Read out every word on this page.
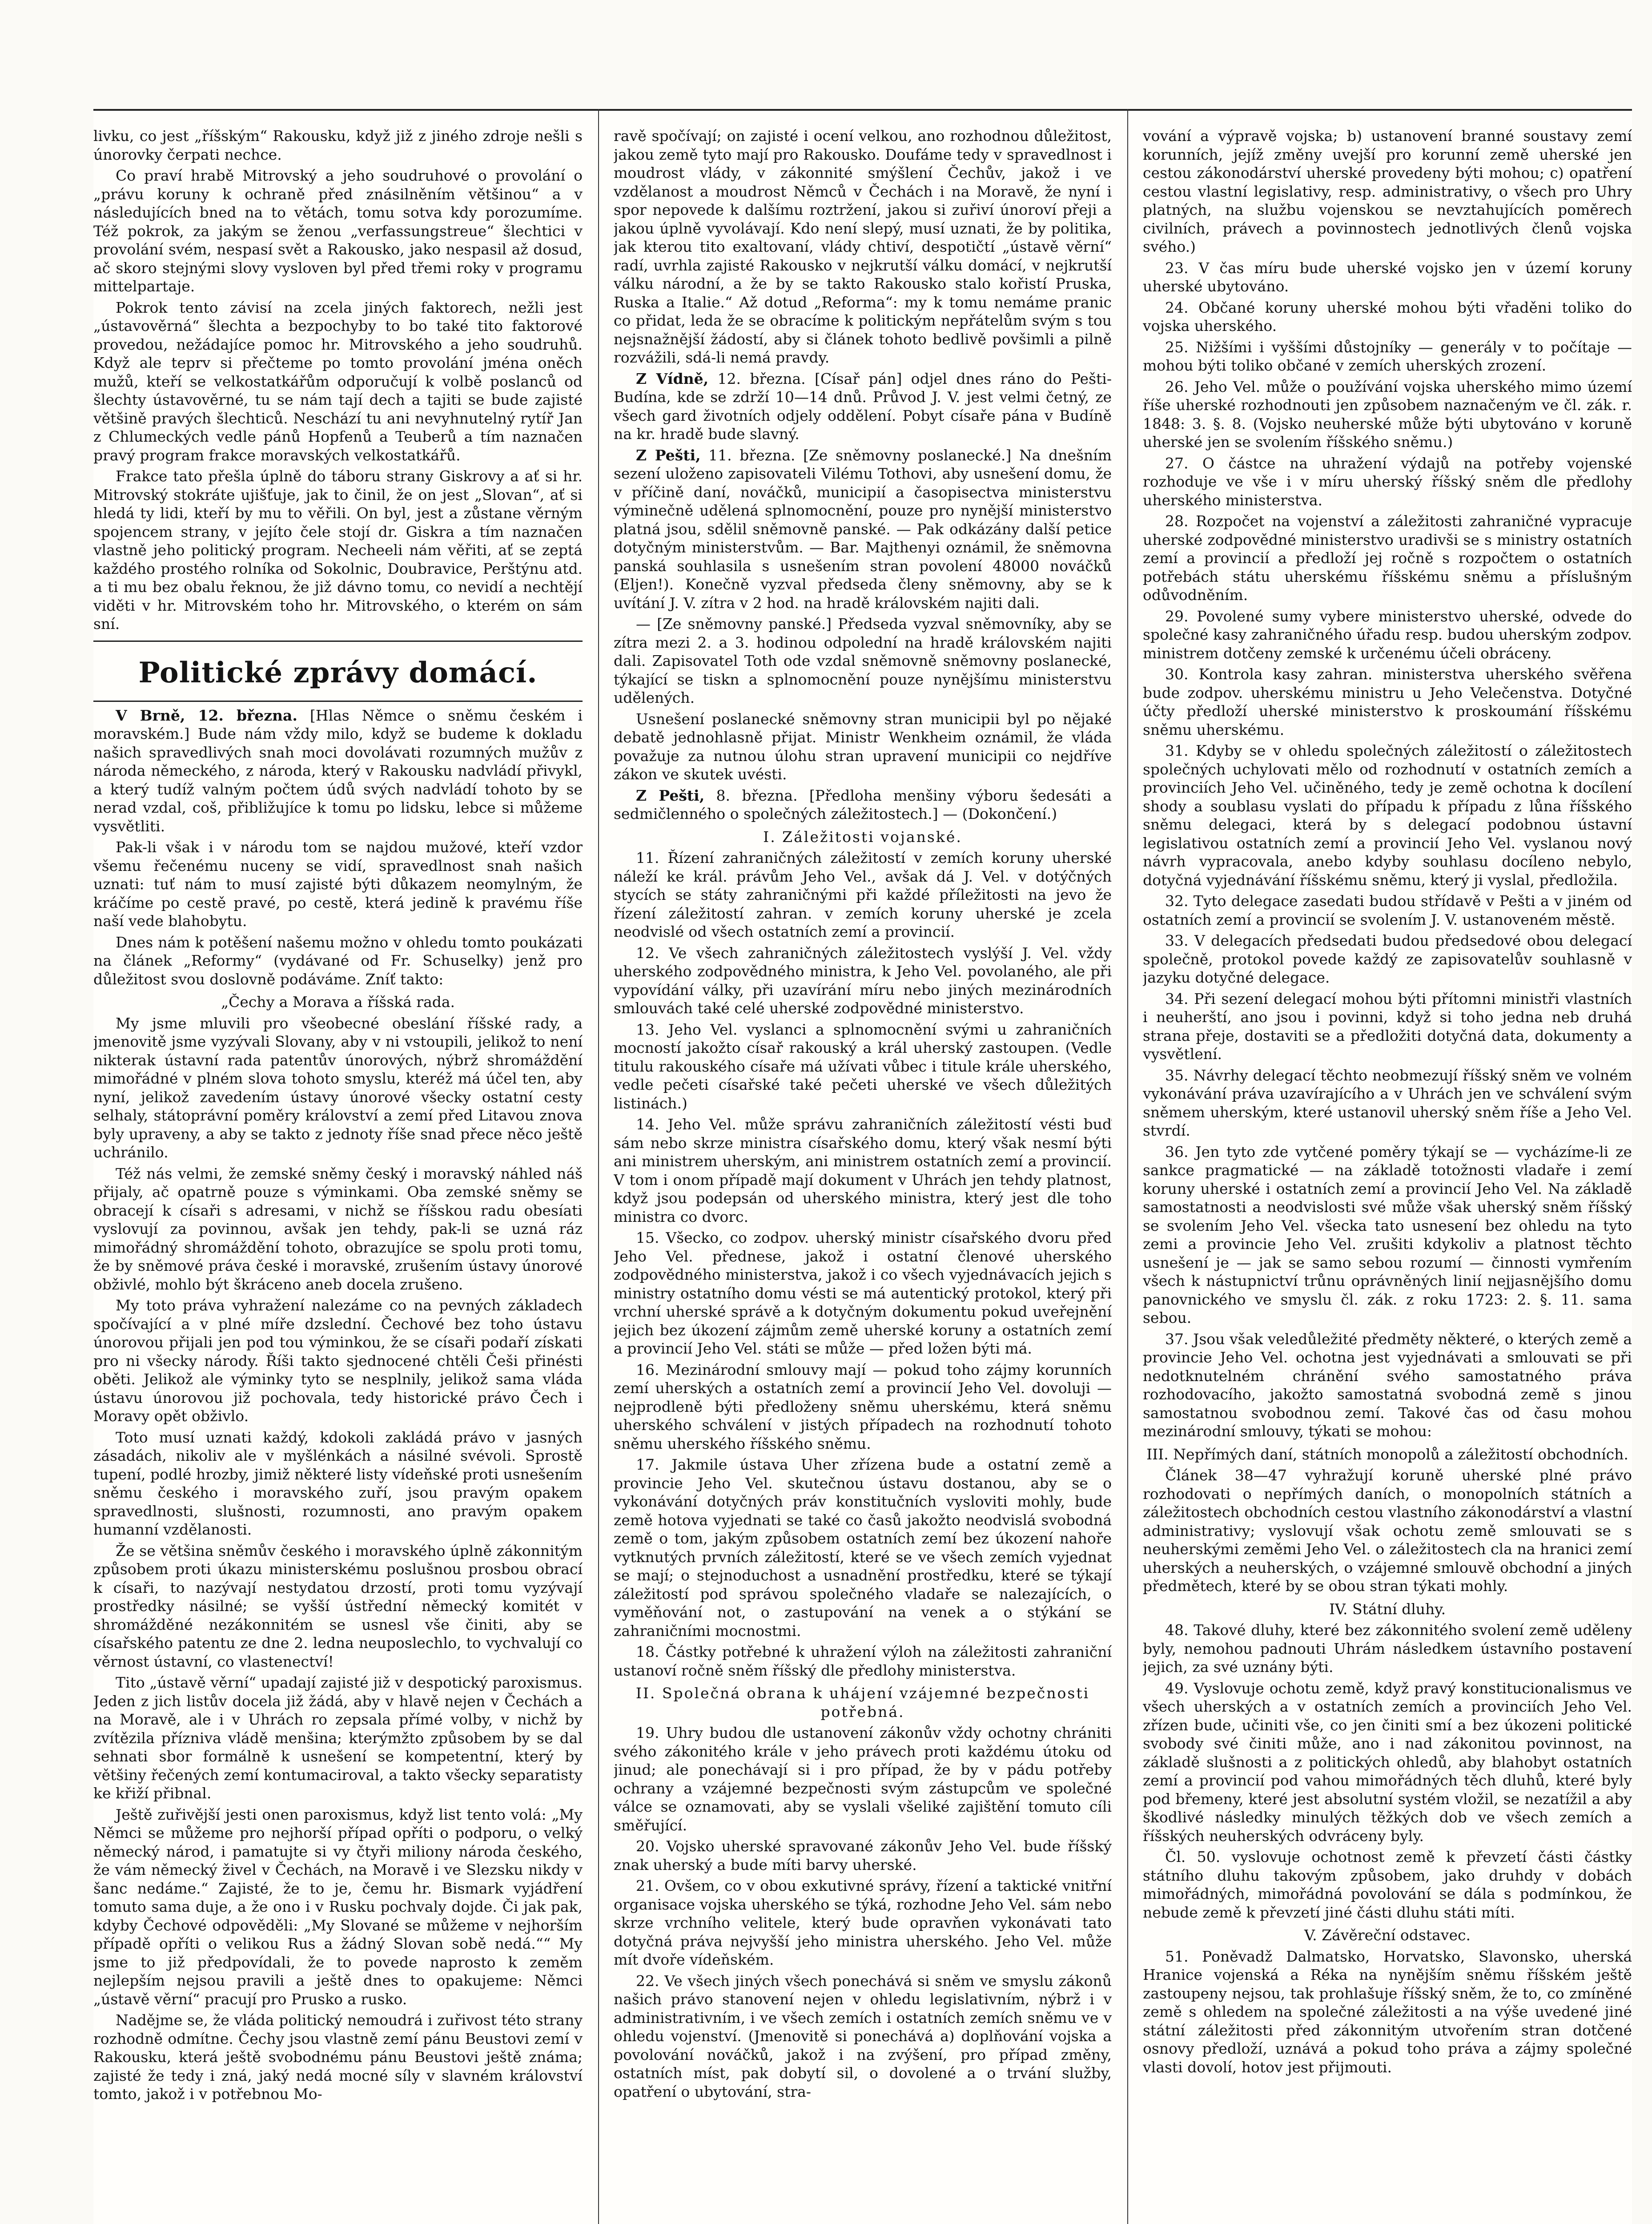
livku, co jest „říšským“ Rakousku, když již z jiného zdroje nešli s únorovky čerpati nechce.

Co praví hrabě Mitrovský a jeho soudruhové o provolání o „právu koruny k ochraně před znásilněním většinou“ a v následujících bned na to větách, tomu sotva kdy porozumíme. Též pokrok, za jakým se ženou „verfassungstreue“ šlechtici v provolání svém, nespasí svět a Rakousko, jako nespasil až dosud, ač skoro stejnými slovy vysloven byl před třemi roky v programu mittelpartaje.

Pokrok tento závisí na zcela jiných faktorech, nežli jest „ústavověrná“ šlechta a bezpochyby to bo také tito faktorové provedou, nežádajíce pomoc hr. Mitrovského a jeho soudruhů. Když ale teprv si přečteme po tomto provolání jména oněch mužů, kteří se velkostatkářům odporučují k volbě poslanců od šlechty ústavověrné, tu se nám tají dech a tajiti se bude zajisté většině pravých šlechticů. Neschází tu ani nevyhnutelný rytíř Jan z Chlumeckých vedle pánů Hopfenů a Teuberů a tím naznačen pravý program frakce moravských velkostatkářů.

Frakce tato přešla úplně do táboru strany Giskrovy a ať si hr. Mitrovský stokráte ujišťuje, jak to činil, že on jest „Slovan“, ať si hledá ty lidi, kteří by mu to věřili. On byl, jest a zůstane věrným spojencem strany, v jejíto čele stojí dr. Giskra a tím naznačen vlastně jeho politický program. Necheeli nám věřiti, ať se zeptá každého prostého rolníka od Sokolnic, Doubravice, Perštýnu atd. a ti mu bez obalu řeknou, že již dávno tomu, co nevidí a nechtějí viděti v hr. Mitrovském toho hr. Mitrovského, o kterém on sám sní.

Politické zprávy domácí.

V Brně, 12. března. [Hlas Němce o sněmu českém i moravském.] Bude nám vždy milo, když se budeme k dokladu našich spravedlivých snah moci dovolávati rozumných mužův z národa německého, z národa, který v Rakousku nadvládí přivykl, a který tudíž valným počtem údů svých nadvládí tohoto by se nerad vzdal, coš, přibližujíce k tomu po lidsku, lebce si můžeme vysvětliti.

Pak-li však i v národu tom se najdou mužové, kteří vzdor všemu řečenému nuceny se vidí, spravedlnost snah našich uznati: tuť nám to musí zajisté býti důkazem neomylným, že kráčíme po cestě pravé, po cestě, která jedině k pravému říše naší vede blahobytu.

Dnes nám k potěšení našemu možno v ohledu tomto poukázati na článek „Reformy“ (vydávané od Fr. Schuselky) jenž pro důležitost svou doslovně podáváme. Zníť takto:

„Čechy a Morava a říšská rada.

My jsme mluvili pro všeobecné obeslání říšské rady, a jmenovitě jsme vyzývali Slovany, aby v ni vstoupili, jelikož to není nikterak ústavní rada patentův únorových, nýbrž shromáždění mimořádné v plném slova tohoto smyslu, kteréž má účel ten, aby nyní, jelikož zavedením ústavy únorové všecky ostatní cesty selhaly, státoprávní poměry království a zemí před Litavou znova byly upraveny, a aby se takto z jednoty říše snad přece něco ještě uchránilo.

Též nás velmi, že zemské sněmy český i moravský náhled náš přijaly, ač opatrně pouze s výminkami. Oba zemské sněmy se obracejí k císaři s adresami, v nichž se říšskou radu obesíati vyslovují za povinnou, avšak jen tehdy, pak-li se uzná ráz mimořádný shromáždění tohoto, obrazujíce se spolu proti tomu, že by sněmové práva české i moravské, zrušením ústavy únorové obživlé, mohlo být škráceno aneb docela zrušeno.

My toto práva vyhražení nalezáme co na pevných základech spočívající a v plné míře dzslední. Čechové bez toho ústavu únorovou přijali jen pod tou výminkou, že se císaři podaří získati pro ni všecky národy. Říši takto sjednocené chtěli Češi přinésti oběti. Jelikož ale výminky tyto se nesplnily, jelikož sama vláda ústavu únorovou již pochovala, tedy historické právo Čech i Moravy opět obživlo.

Toto musí uznati každý, kdokoli zakládá právo v jasných zásadách, nikoliv ale v myšlénkách a násilné svévoli. Sprostě tupení, podlé hrozby, jimiž některé listy vídeňské proti usnešením sněmu českého i moravského zuří, jsou pravým opakem spravedlnosti, slušnosti, rozumnosti, ano pravým opakem humanní vzdělanosti.

Že se většina sněmův českého i moravského úplně zákonnitým způsobem proti úkazu ministerskému poslušnou prosbou obrací k císaři, to nazývají nestydatou drzostí, proti tomu vyzývají prostředky násilné; se vyšší ústřední německý komitét v shromážděné nezákonnitém se usnesl vše činiti, aby se císařského patentu ze dne 2. ledna neuposlechlo, to vychvalují co věrnost ústavní, co vlastenectví!

Tito „ústavě věrní“ upadají zajisté již v despotický paroxismus. Jeden z jich listův docela již žádá, aby v hlavě nejen v Čechách a na Moravě, ale i v Uhrách ro zepsala přímé volby, v nichž by zvítězila přízniva vládě menšina; kterýmžto způsobem by se dal sehnati sbor formálně k usnešení se kompetentní, který by většiny řečených zemí kontumaciroval, a takto všecky separatisty ke křiží přibnal.

Ještě zuřivější jesti onen paroxismus, když list tento volá: „My Němci se můžeme pro nejhorší případ opříti o podporu, o velký německý národ, i pamatujte si vy čtyři miliony národa českého, že vám německý živel v Čechách, na Moravě i ve Slezsku nikdy v šanc nedáme.“ Zajisté, že to je, čemu hr. Bismark vyjádření tomuto sama duje, a že ono i v Rusku pochvaly dojde. Či jak pak, kdyby Čechové odpověděli: „My Slované se můžeme v nejhorším případě opříti o velikou Rus a žádný Slovan sobě nedá.““ My jsme to již předpovídali, že to povede naprosto k zeměm nejlepším nejsou pravili a ještě dnes to opakujeme: Němci „ústavě věrní“ pracují pro Prusko a rusko.

Nadějme se, že vláda politický nemoudrá i zuřivost této strany rozhodně odmítne. Čechy jsou vlastně zemí pánu Beustovi zemí v Rakousku, která ještě svobodnému pánu Beustovi ještě známa; zajisté že tedy i zná, jaký nedá mocné síly v slavném království tomto, jakož i v potřebnou Mo-

ravě spočívají; on zajisté i ocení velkou, ano rozhodnou důležitost, jakou země tyto mají pro Rakousko. Doufáme tedy v spravedlnost i moudrost vlády, v zákonnité smýšlení Čechův, jakož i ve vzdělanost a moudrost Němců v Čechách i na Moravě, že nyní i spor nepovede k dalšímu roztržení, jakou si zuřiví únoroví přeji a jakou úplně vyvolávají. Kdo není slepý, musí uznati, že by politika, jak kterou tito exaltovaní, vlády chtiví, despotičtí „ústavě věrní“ radí, uvrhla zajisté Rakousko v nejkrutší válku domácí, v nejkrutší válku národní, a že by se takto Rakousko stalo kořistí Pruska, Ruska a Italie.“ Až dotud „Reforma“: my k tomu nemáme pranic co přidat, leda že se obracíme k politickým nepřátelům svým s tou nejsnažnější žádostí, aby si článek tohoto bedlivě povšimli a pilně rozvážili, sdá-li nemá pravdy.

Z Vídně, 12. března. [Císař pán] odjel dnes ráno do Pešti-Budína, kde se zdrží 10—14 dnů. Průvod J. V. jest velmi četný, ze všech gard životních odjely oddělení. Pobyt císaře pána v Budíně na kr. hradě bude slavný.

Z Pešti, 11. března. [Ze sněmovny poslanecké.] Na dnešním sezení uloženo zapisovateli Vilému Tothovi, aby usnešení domu, že v příčině daní, nováčků, municipií a časopisectva ministerstvu výminečně udělená splnomocnění, pouze pro nynější ministerstvo platná jsou, sdělil sněmovně panské. — Pak odkázány další petice dotyčným ministerstvům. — Bar. Majthenyi oznámil, že sněmovna panská souhlasila s usnešením stran povolení 48000 nováčků (Eljen!). Konečně vyzval předseda členy sněmovny, aby se k uvítání J. V. zítra v 2 hod. na hradě královském najiti dali.

— [Ze sněmovny panské.] Předseda vyzval sněmovníky, aby se zítra mezi 2. a 3. hodinou odpolední na hradě královském najiti dali. Zapisovatel Toth ode vzdal sněmovně sněmovny poslanecké, týkající se tiskn a splnomocnění pouze nynějšímu ministerstvu udělených.

Usnešení poslanecké sněmovny stran municipii byl po nějaké debatě jednohlasně přijat. Ministr Wenkheim oznámil, že vláda považuje za nutnou úlohu stran upravení municipii co nejdříve zákon ve skutek uvésti.

Z Pešti, 8. března. [Předloha menšiny výboru šedesáti a sedmičlenného o společných záležitostech.] — (Dokončení.)

I. Záležitosti vojanské.

11. Řízení zahraničných záležitostí v zemích koruny uherské náleží ke král. právům Jeho Vel., avšak dá J. Vel. v dotýčných stycích se státy zahraničnými při každé příležitosti na jevo že řízení záležitostí zahran. v zemích koruny uherské je zcela neodvislé od všech ostatních zemí a provincií.

12. Ve všech zahraničných záležitostech vyslýší J. Vel. vždy uherského zodpovědného ministra, k Jeho Vel. povolaného, ale při vypovídání války, při uzavírání míru nebo jiných mezinárodních smlouvách také celé uherské zodpovědné ministerstvo.

13. Jeho Vel. vyslanci a splnomocnění svými u zahraničních mocností jakožto císař rakouský a král uherský zastoupen. (Vedle titulu rakouského císaře má užívati vůbec i titule krále uherského, vedle pečeti císařské také pečeti uherské ve všech důležitých listinách.)

14. Jeho Vel. může správu zahraničních záležitostí vésti buď sám nebo skrze ministra císařského domu, který však nesmí býti ani ministrem uherským, ani ministrem ostatních zemí a provincií. V tom i onom případě mají dokument v Uhrách jen tehdy platnost, když jsou podepsán od uherského ministra, který jest dle toho ministra co dvorc.

15. Všecko, co zodpov. uherský ministr císařského dvoru před Jeho Vel. přednese, jakož i ostatní členové uherského zodpovědného ministerstva, jakož i co všech vyjednávacích jejich s ministry ostatního domu vésti se má autentický protokol, který při vrchní uherské správě a k dotyčným dokumentu pokud uveřejnění jejich bez úkození zájmům země uherské koruny a ostatních zemí a provincií Jeho Vel. státi se může — před ložen býti má.

16. Mezinárodní smlouvy mají — pokud toho zájmy korunních zemí uherských a ostatních zemí a provincií Jeho Vel. dovoluji — nejprodleně býti předloženy sněmu uherskému, která sněmu uherského schválení v jistých případech na rozhodnutí tohoto sněmu uherského říšského sněmu.

17. Jakmile ústava Uher zřízena bude a ostatní země a provincie Jeho Vel. skutečnou ústavu dostanou, aby se o vykonávání dotyčných práv konstitučních vysloviti mohly, bude země hotova vyjednati se také co časů jakožto neodvislá svobodná země o tom, jakým způsobem ostatních zemí bez úkození nahoře vytknutých prvních záležitostí, které se ve všech zemích vyjednat se mají; o stejnoduchost a usnadnění prostředku, které se týkají záležitostí pod správou společného vladaře se nalezajících, o vyměňování not, o zastupování na venek a o stýkání se zahraničními mocnostmi.

18. Částky potřebné k uhražení výloh na záležitosti zahraniční ustanoví ročně sněm říšský dle předlohy ministerstva.

II. Společná obrana k uhájení vzájemné bezpečnosti potřebná.

19. Uhry budou dle ustanovení zákonův vždy ochotny chrániti svého zákonitého krále v jeho právech proti každému útoku od jinud; ale ponechávají si i pro případ, že by v pádu potřeby ochrany a vzájemné bezpečnosti svým zástupcům ve společné válce se oznamovati, aby se vyslali všeliké zajištění tomuto cíli směřující.

20. Vojsko uherské spravované zákonův Jeho Vel. bude říšský znak uherský a bude míti barvy uherské.

21. Ovšem, co v obou exkutivné správy, řízení a taktické vnitřní organisace vojska uherského se týká, rozhodne Jeho Vel. sám nebo skrze vrchního velitele, který bude opravňen vykonávati tato dotyčná práva nejvyšší jeho ministra uherského. Jeho Vel. může mít dvoře vídeňském.

22. Ve všech jiných všech ponechává si sněm ve smyslu zákonů našich právo stanovení nejen v ohledu legislativním, nýbrž i v administrativním, i ve všech zemích i ostatních zemích sněmu ve v ohledu vojenství. (Jmenovitě si ponechává a) doplňování vojska a povolování nováčků, jakož i na zvýšení, pro případ změny, ostatních míst, pak dobytí sil, o dovolené a o trvání služby, opatření o ubytování, stra-

vování a výpravě vojska; b) ustanovení branné soustavy zemí korunních, jejíž změny uvejší pro korunní země uherské jen cestou zákonodárství uherské provedeny býti mohou; c) opatření cestou vlastní legislativy, resp. administrativy, o všech pro Uhry platných, na službu vojenskou se nevztahujících poměrech civilních, právech a povinnostech jednotlivých členů vojska svého.)

23. V čas míru bude uherské vojsko jen v území koruny uherské ubytováno.

24. Občané koruny uherské mohou býti vřaděni toliko do vojska uherského.

25. Nižšími i vyššími důstojníky — generály v to počítaje — mohou býti toliko občané v zemích uherských zrození.

26. Jeho Vel. může o používání vojska uherského mimo území říše uherské rozhodnouti jen způsobem naznačeným ve čl. zák. r. 1848: 3. §. 8. (Vojsko neuherské může býti ubytováno v koruně uherské jen se svolením říšského sněmu.)

27. O částce na uhražení výdajů na potřeby vojenské rozhoduje ve vše i v míru uherský říšský sněm dle předlohy uherského ministerstva.

28. Rozpočet na vojenství a záležitosti zahraničné vypracuje uherské zodpovědné ministerstvo uradivši se s ministry ostatních zemí a provincií a předloží jej ročně s rozpočtem o ostatních potřebách státu uherskému říšskému sněmu a příslušným odůvodněním.

29. Povolené sumy vybere ministerstvo uherské, odvede do společné kasy zahraničného úřadu resp. budou uherským zodpov. ministrem dotčeny zemské k určenému účeli obráceny.

30. Kontrola kasy zahran. ministerstva uherského svěřena bude zodpov. uherskému ministru u Jeho Velečenstva. Dotyčné účty předloží uherské ministerstvo k proskoumání říšskému sněmu uherskému.

31. Kdyby se v ohledu společných záležitostí o záležitostech společných uchylovati mělo od rozhodnutí v ostatních zemích a provinciích Jeho Vel. učiněného, tedy je země ochotna k docílení shody a soublasu vyslati do případu k případu z lůna říšského sněmu delegaci, která by s delegací podobnou ústavní legislativou ostatních zemí a provincií Jeho Vel. vyslanou nový návrh vypracovala, anebo kdyby souhlasu docíleno nebylo, dotyčná vyjednávání říšskému sněmu, který ji vyslal, předložila.

32. Tyto delegace zasedati budou střídavě v Pešti a v jiném od ostatních zemí a provincií se svolením J. V. ustanoveném městě.

33. V delegacích předsedati budou předsedové obou delegací společně, protokol povede každý ze zapisovatelův souhlasně v jazyku dotyčné delegace.

34. Při sezení delegací mohou býti přítomni ministři vlastních i neuherští, ano jsou i povinni, když si toho jedna neb druhá strana přeje, dostaviti se a předložiti dotyčná data, dokumenty a vysvětlení.

35. Návrhy delegací těchto neobmezují říšský sněm ve volném vykonávání práva uzavírajícího a v Uhrách jen ve schválení svým sněmem uherským, které ustanovil uherský sněm říše a Jeho Vel. stvrdí.

36. Jen tyto zde vytčené poměry týkají se — vycházíme-li ze sankce pragmatické — na základě totožnosti vladaře i zemí koruny uherské i ostatních zemí a provincií Jeho Vel. Na základě samostatnosti a neodvislosti své může však uherský sněm říšský se svolením Jeho Vel. všecka tato usnesení bez ohledu na tyto zemi a provincie Jeho Vel. zrušiti kdykoliv a platnost těchto usnešení je — jak se samo sebou rozumí — činnosti vymřením všech k nástupnictví trůnu oprávněných linií nejjasnějšího domu panovnického ve smyslu čl. zák. z roku 1723: 2. §. 11. sama sebou.

37. Jsou však veledůležité předměty některé, o kterých země a provincie Jeho Vel. ochotna jest vyjednávati a smlouvati se při nedotknutelném chránění svého samostatného práva rozhodovacího, jakožto samostatná svobodná země s jinou samostatnou svobodnou zemí. Takové čas od času mohou mezinárodní smlouvy, týkati se mohou:

III. Nepřímých daní, státních monopolů a záležitostí obchodních.

Článek 38—47 vyhražují koruně uherské plné právo rozhodovati o nepřímých daních, o monopolních státních a záležitostech obchodních cestou vlastního zákonodárství a vlastní administrativy; vyslovují však ochotu země smlouvati se s neuherskými zeměmi Jeho Vel. o záležitostech cla na hranici zemí uherských a neuherských, o vzájemné smlouvě obchodní a jiných předmětech, které by se obou stran týkati mohly.

IV. Státní dluhy.

48. Takové dluhy, které bez zákonnitého svolení země uděleny byly, nemohou padnouti Uhrám následkem ústavního postavení jejich, za své uznány býti.

49. Vyslovuje ochotu země, když pravý konstitucionalismus ve všech uherských a v ostatních zemích a provinciích Jeho Vel. zřízen bude, učiniti vše, co jen činiti smí a bez úkozeni politické svobody své činiti může, ano i nad zákonitou povinnost, na základě slušnosti a z politických ohledů, aby blahobyt ostatních zemí a provincií pod vahou mimořádných těch dluhů, které byly pod břemeny, které jest absolutní systém vložil, se nezatížil a aby škodlivé následky minulých těžkých dob ve všech zemích a říšských neuherských odvráceny byly.

Čl. 50. vyslovuje ochotnost země k převzetí části částky státního dluhu takovým způsobem, jako druhdy v dobách mimořádných, mimořádná povolování se dála s podmínkou, že nebude země k převzetí jiné části dluhu státi míti.

V. Závěreční odstavec.

51. Poněvadž Dalmatsko, Horvatsko, Slavonsko, uherská Hranice vojenská a Réka na nynějším sněmu říšském ještě zastoupeny nejsou, tak prohlašuje říšský sněm, že to, co zmíněné země s ohledem na společné záležitosti a na výše uvedené jiné státní záležitosti před zákonnitým utvořením stran dotčené osnovy předloží, uznává a pokud toho práva a zájmy společné vlasti dovolí, hotov jest přijmouti.
